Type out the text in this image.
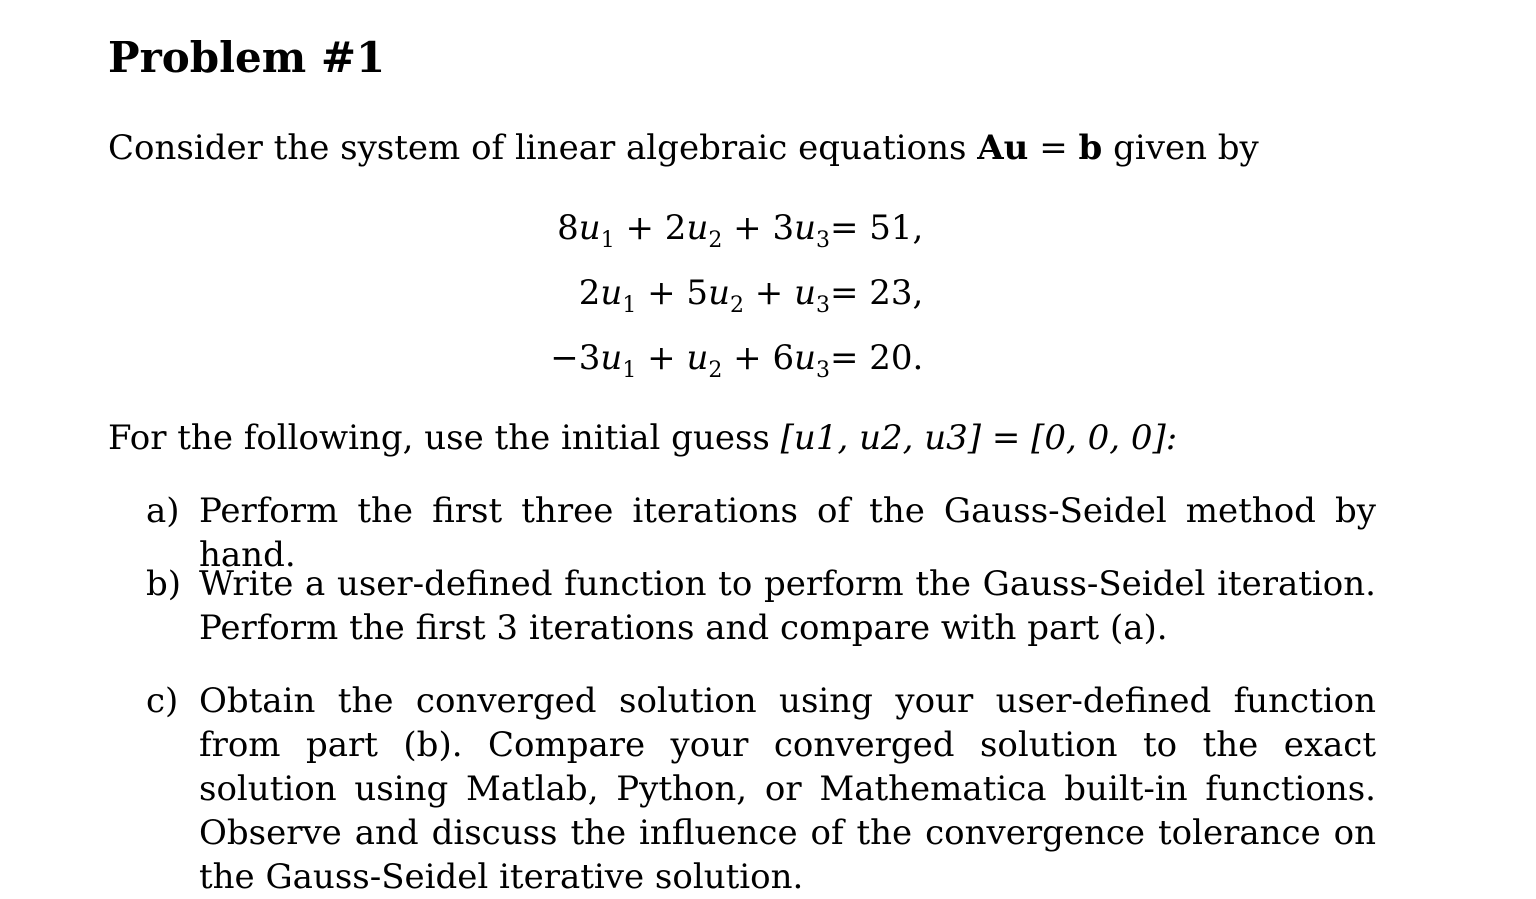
Problem #1
Consider the system of linear algebraic equations Au = b given by
$8u_1 + 2u_2 + 3u_3 = 51$,
$2u_1 + 5u_2 + u_3 = 23$,
$-3u_1 + u_2 + 6u_3 = 20$.
For the following, use the initial guess [u1, u2, u3] = [0, 0, 0]:
a) Perform the first three iterations of the Gauss-Seidel method by hand.
b) Write a user-defined function to perform the Gauss-Seidel iteration. Perform the first 3 iterations and compare with part (a).
c) Obtain the converged solution using your user-defined function from part (b). Compare your converged solution to the exact solution using Matlab, Python, or Mathematica built-in functions. Observe and discuss the influence of the convergence tolerance on the Gauss-Seidel iterative solution.
